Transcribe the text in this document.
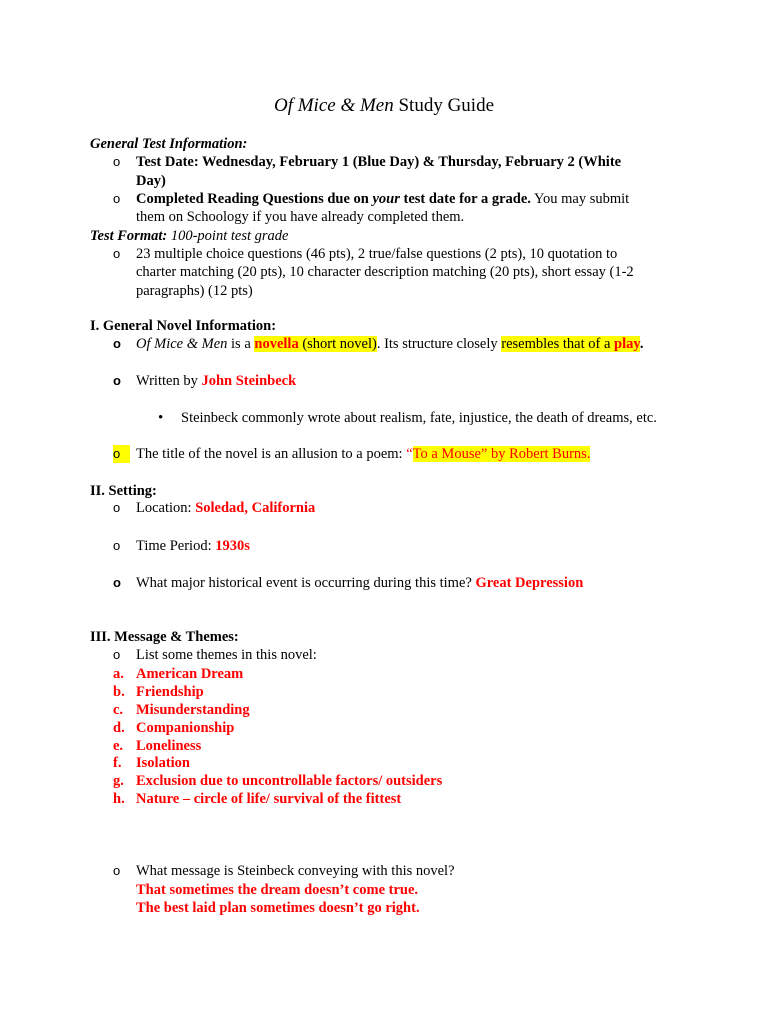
Of Mice & Men Study Guide
General Test Information:
o Test Date: Wednesday, February 1 (Blue Day) & Thursday, February 2 (White
Day)
o Completed Reading Questions due on your test date for a grade. You may submit
them on Schoology if you have already completed them.
Test Format: 100-point test grade
o 23 multiple choice questions (46 pts), 2 true/false questions (2 pts), 10 quotation to
charter matching (20 pts), 10 character description matching (20 pts), short essay (1-2
paragraphs) (12 pts)
I. General Novel Information:
o Of Mice & Men is a novella (short novel). Its structure closely resembles that of a play.
o Written by John Steinbeck
• Steinbeck commonly wrote about realism, fate, injustice, the death of dreams, etc.
o	The title of the novel is an allusion to a poem: “To a Mouse” by Robert Burns.
II. Setting:
o Location: Soledad, California
o Time Period: 1930s
o What major historical event is occurring during this time? Great Depression
III. Message & Themes:
o List some themes in this novel:
a. American Dream
b. Friendship
c. Misunderstanding
d. Companionship
e. Loneliness
f. Isolation
g. Exclusion due to uncontrollable factors/ outsiders
h. Nature – circle of life/ survival of the fittest
o What message is Steinbeck conveying with this novel?
That sometimes the dream doesn’t come true.
The best laid plan sometimes doesn’t go right.
